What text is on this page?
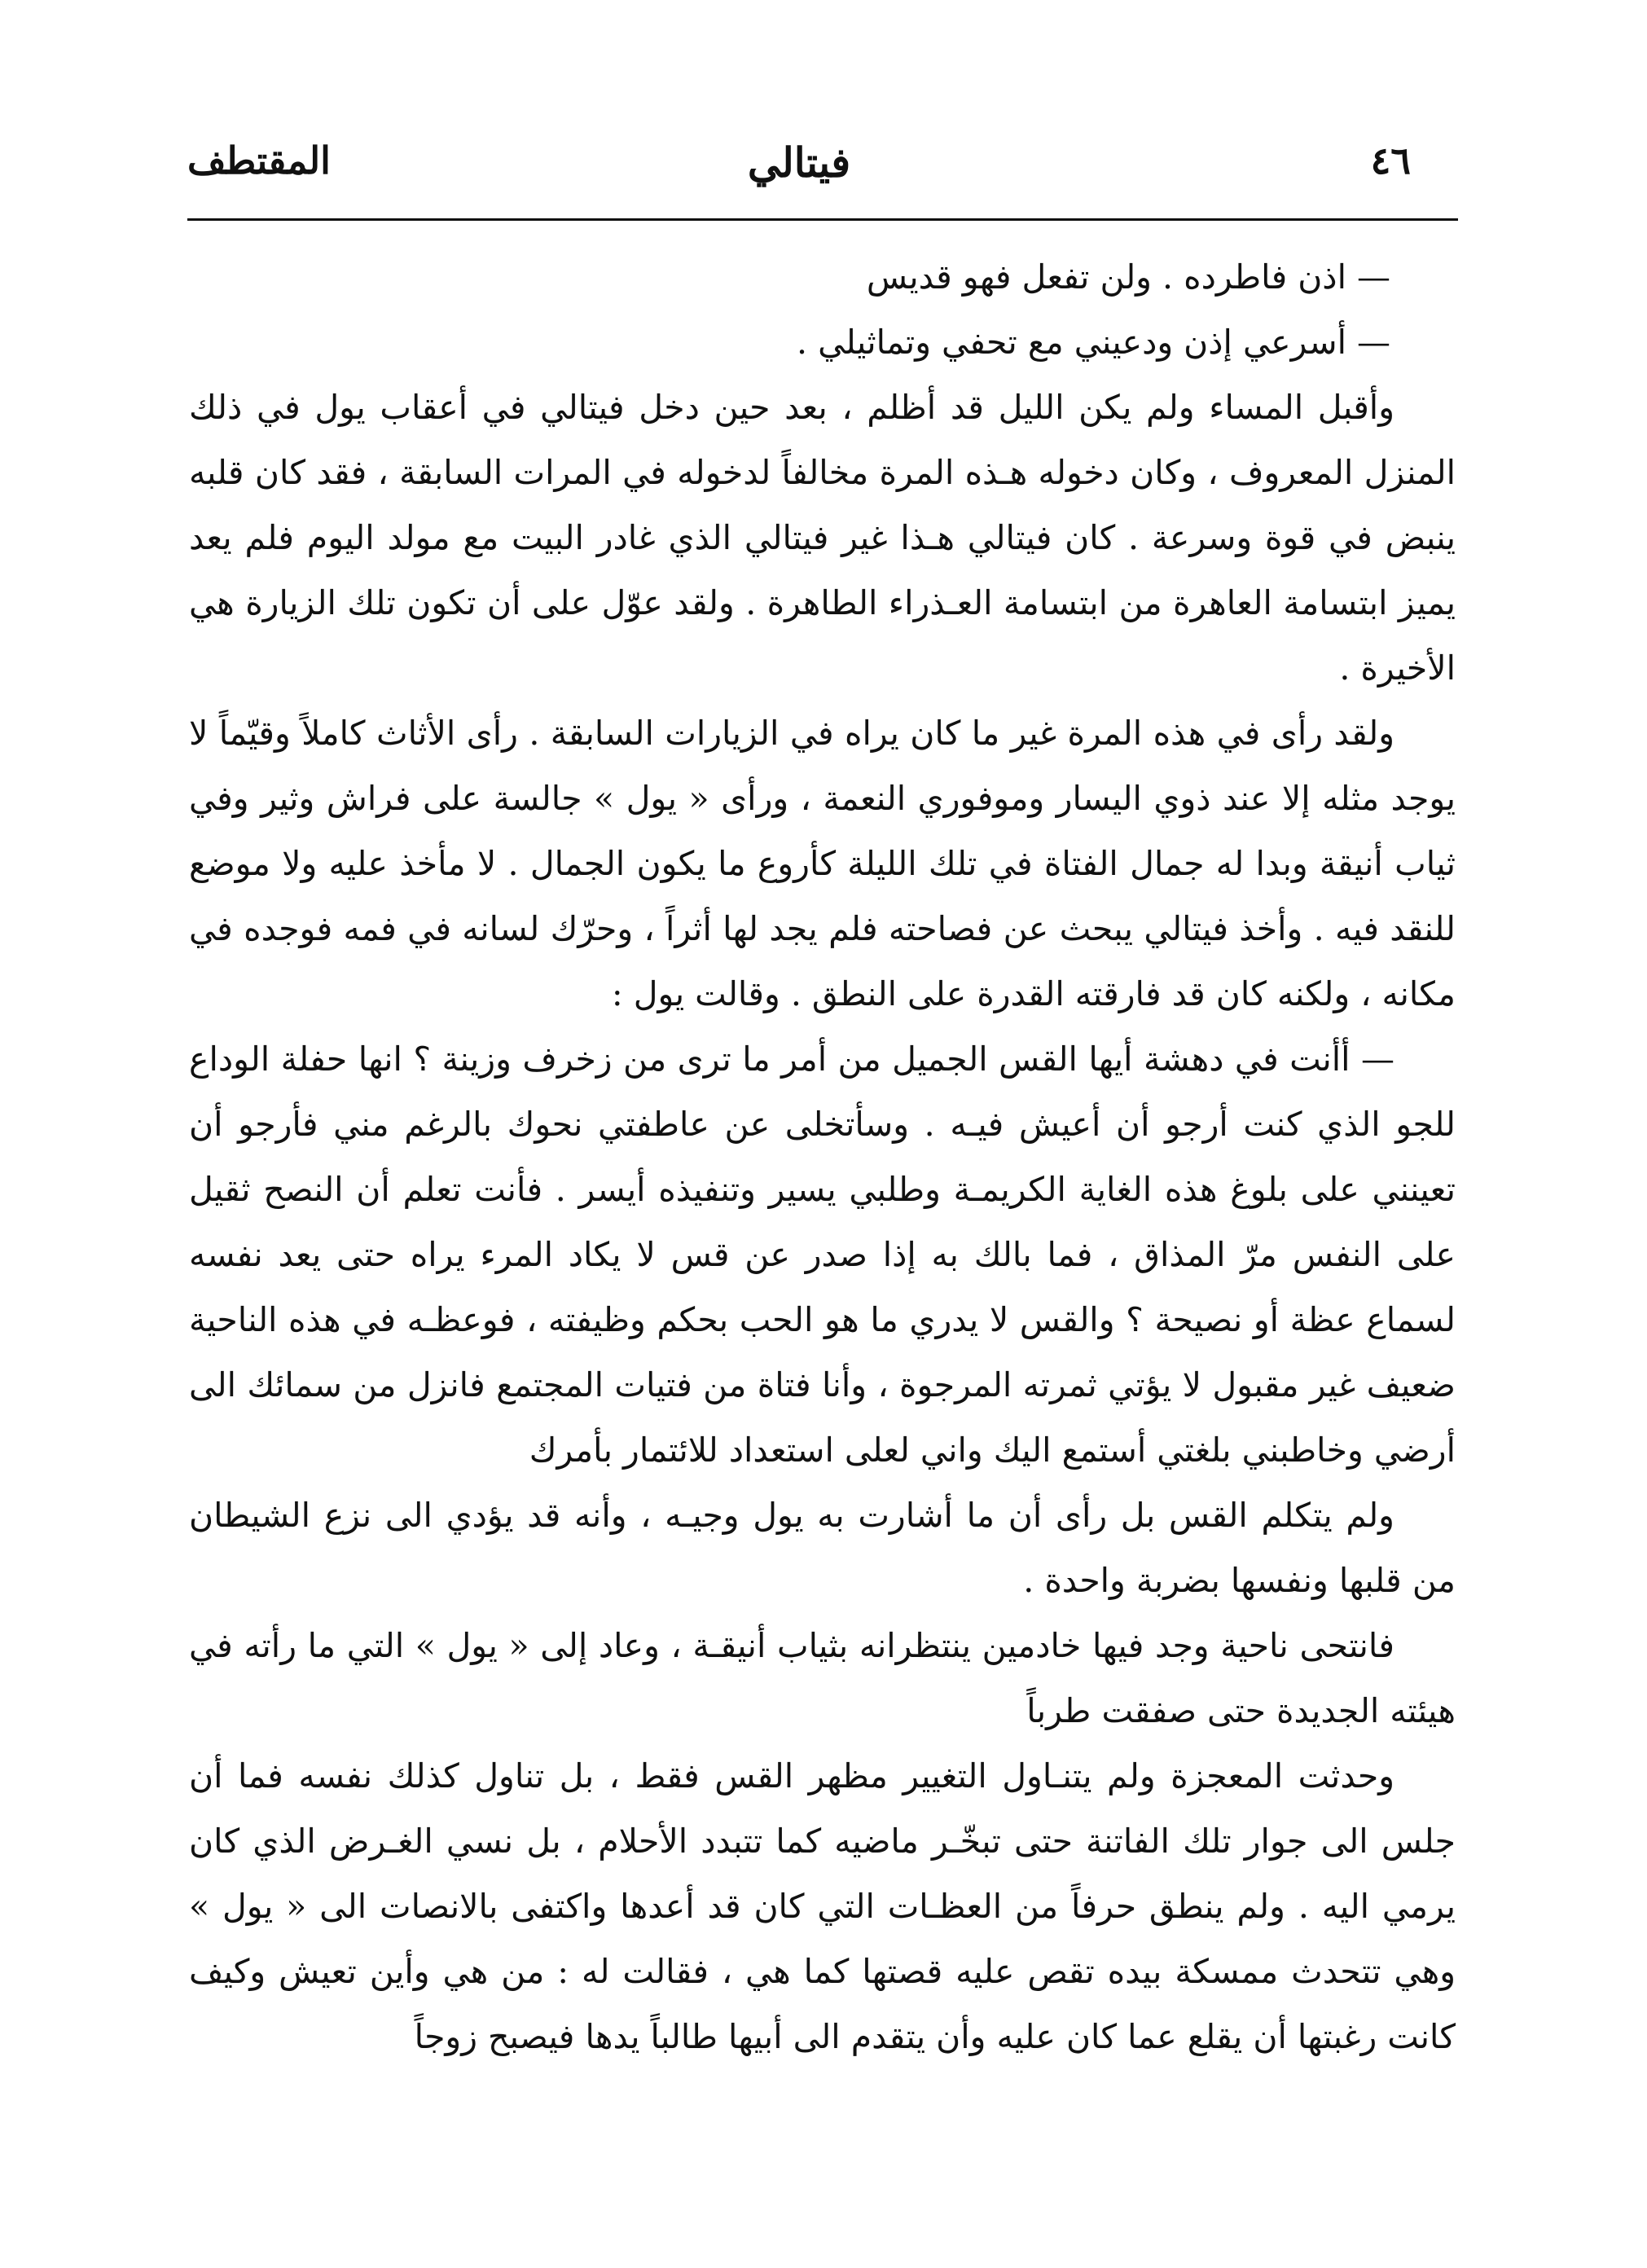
المقتطف	فيتالي	٤٦

— اذن فاطرده . ولن تفعل فهو قديس

— أسرعي إذن ودعيني مع تحفي وتماثيلي .

وأقبل المساء ولم يكن الليل قد أظلم ، بعد حين دخل فيتالي في أعقاب يول في ذلك المنزل المعروف ، وكان دخوله هـذه المرة مخالفاً لدخوله في المرات السابقة ، فقد كان قلبه ينبض في قوة وسرعة . كان فيتالي هـذا غير فيتالي الذي غادر البيت مع مولد اليوم فلم يعد يميز ابتسامة العاهرة من ابتسامة العـذراء الطاهرة . ولقد عوّل على أن تكون تلك الزيارة هي الأخيرة .

ولقد رأى في هذه المرة غير ما كان يراه في الزيارات السابقة . رأى الأثاث كاملاً وقيّماً لا يوجد مثله إلا عند ذوي اليسار وموفوري النعمة ، ورأى « يول » جالسة على فراش وثير وفي ثياب أنيقة وبدا له جمال الفتاة في تلك الليلة كأروع ما يكون الجمال . لا مأخذ عليه ولا موضع للنقد فيه . وأخذ فيتالي يبحث عن فصاحته فلم يجد لها أثراً ، وحرّك لسانه في فمه فوجده في مكانه ، ولكنه كان قد فارقته القدرة على النطق . وقالت يول :

— أأنت في دهشة أيها القس الجميل من أمر ما ترى من زخرف وزينة ؟ انها حفلة الوداع للجو الذي كنت أرجو أن أعيش فيـه . وسأتخلى عن عاطفتي نحوك بالرغم مني فأرجو أن تعينني على بلوغ هذه الغاية الكريمـة وطلبي يسير وتنفيذه أيسر . فأنت تعلم أن النصح ثقيل على النفس مرّ المذاق ، فما بالك به إذا صدر عن قس لا يكاد المرء يراه حتى يعد نفسه لسماع عظة أو نصيحة ؟ والقس لا يدري ما هو الحب بحكم وظيفته ، فوعظـه في هذه الناحية ضعيف غير مقبول لا يؤتي ثمرته المرجوة ، وأنا فتاة من فتيات المجتمع فانزل من سمائك الى أرضي وخاطبني بلغتي أستمع اليك واني لعلى استعداد للائتمار بأمرك

ولم يتكلم القس بل رأى أن ما أشارت به يول وجيـه ، وأنه قد يؤدي الى نزع الشيطان من قلبها ونفسها بضربة واحدة .

فانتحى ناحية وجد فيها خادمين ينتظرانه بثياب أنيقـة ، وعاد إلى « يول » التي ما رأته في هيئته الجديدة حتى صفقت طرباً

وحدثت المعجزة ولم يتنـاول التغيير مظهر القس فقط ، بل تناول كذلك نفسه فما أن جلس الى جوار تلك الفاتنة حتى تبخّـر ماضيه كما تتبدد الأحلام ، بل نسي الغـرض الذي كان يرمي اليه . ولم ينطق حرفاً من العظـات التي كان قد أعدها واكتفى بالانصات الى « يول » وهي تتحدث ممسكة بيده تقص عليه قصتها كما هي ، فقالت له : من هي وأين تعيش وكيف كانت رغبتها أن يقلع عما كان عليه وأن يتقدم الى أبيها طالباً يدها فيصبح زوجاً
